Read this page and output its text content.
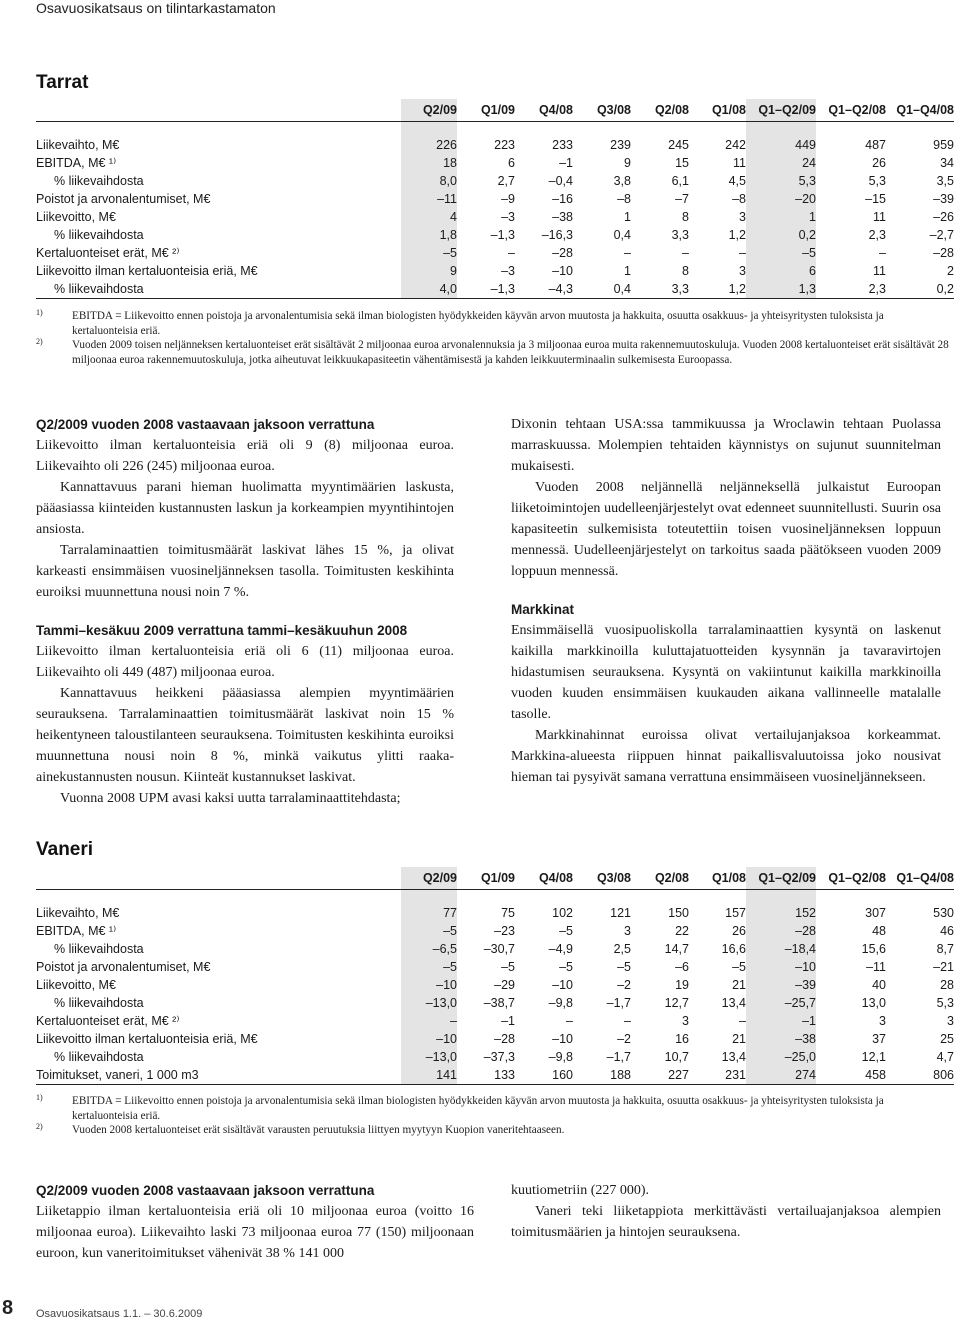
Osavuosikatsaus on tilintarkastamaton
Tarrat
	Q2/09	Q1/09	Q4/08	Q3/08	Q2/08	Q1/08	Q1–Q2/09	Q1–Q2/08	Q1–Q4/08

Liikevaihto, M€	226	223	233	239	245	242	449	487	959
EBITDA, M€ ¹⁾	18	6	–1	9	15	11	24	26	34
% liikevaihdosta	8,0	2,7	–0,4	3,8	6,1	4,5	5,3	5,3	3,5
Poistot ja arvonalentumiset, M€	–11	–9	–16	–8	–7	–8	–20	–15	–39
Liikevoitto, M€	4	–3	–38	1	8	3	1	11	–26
% liikevaihdosta	1,8	–1,3	–16,3	0,4	3,3	1,2	0,2	2,3	–2,7
Kertaluonteiset erät, M€ ²⁾	–5	–	–28	–	–	–	–5	–	–28
Liikevoitto ilman kertaluonteisia eriä, M€	9	–3	–10	1	8	3	6	11	2
% liikevaihdosta	4,0	–1,3	–4,3	0,4	3,3	1,2	1,3	2,3	0,2

1)	EBITDA = Liikevoitto ennen poistoja ja arvonalentumisia sekä ilman biologisten hyödykkeiden käyvän arvon muutosta ja hakkuita, osuutta osakkuus- ja yhteisyritysten tuloksista ja kertaluonteisia eriä.

2)	Vuoden 2009 toisen neljänneksen kertaluonteiset erät sisältävät 2 miljoonaa euroa arvonalennuksia ja 3 miljoonaa euroa muita rakennemuutoskuluja. Vuoden 2008 kertaluonteiset erät sisältävät 28 miljoonaa euroa rakennemuutoskuluja, jotka aiheutuvat leikkuukapasiteetin vähentämisestä ja kahden leikkuuterminaalin sulkemisesta Euroopassa.

Q2/2009 vuoden 2008 vastaavaan jaksoon verrattuna

Liikevoitto ilman kertaluonteisia eriä oli 9 (8) miljoonaa euroa. Liikevaihto oli 226 (245) miljoonaa euroa.

Kannattavuus parani hieman huolimatta myyntimäärien laskusta, pääasiassa kiinteiden kustannusten laskun ja korkeampien myyntihintojen ansiosta.

Tarralaminaattien toimitusmäärät laskivat lähes 15 %, ja olivat karkeasti ensimmäisen vuosineljänneksen tasolla. Toimitusten keskihinta euroiksi muunnettuna nousi noin 7 %.

Tammi–kesäkuu 2009 verrattuna tammi–kesäkuuhun 2008

Liikevoitto ilman kertaluonteisia eriä oli 6 (11) miljoonaa euroa. Liikevaihto oli 449 (487) miljoonaa euroa.

Kannattavuus heikkeni pääasiassa alempien myyntimäärien seurauksena. Tarralaminaattien toimitusmäärät laskivat noin 15 % heikentyneen taloustilanteen seurauksena. Toimitusten keskihinta euroiksi muunnettuna nousi noin 8 %, minkä vaikutus ylitti raaka-ainekustannusten nousun. Kiinteät kustannukset laskivat.

Vuonna 2008 UPM avasi kaksi uutta tarralaminaattitehdasta;

Dixonin tehtaan USA:ssa tammikuussa ja Wroclawin tehtaan Puolassa marraskuussa. Molempien tehtaiden käynnistys on sujunut suunnitelman mukaisesti.

Vuoden 2008 neljännellä neljänneksellä julkaistut Euroopan liiketoimintojen uudelleenjärjestelyt ovat edenneet suunnitellusti. Suurin osa kapasiteetin sulkemisista toteutettiin toisen vuosineljänneksen loppuun mennessä. Uudelleenjärjestelyt on tarkoitus saada päätökseen vuoden 2009 loppuun mennessä.

Markkinat

Ensimmäisellä vuosipuoliskolla tarralaminaattien kysyntä on laskenut kaikilla markkinoilla kuluttajatuotteiden kysynnän ja tavaravirtojen hidastumisen seurauksena. Kysyntä on vakiintunut kaikilla markkinoilla vuoden kuuden ensimmäisen kuukauden aikana vallinneelle matalalle tasolle.

Markkinahinnat euroissa olivat vertailujanjaksoa korkeammat. Markkina-alueesta riippuen hinnat paikallisvaluutoissa joko nousivat hieman tai pysyivät samana verrattuna ensimmäiseen vuosineljännekseen.

Vaneri
	Q2/09	Q1/09	Q4/08	Q3/08	Q2/08	Q1/08	Q1–Q2/09	Q1–Q2/08	Q1–Q4/08

Liikevaihto, M€	77	75	102	121	150	157	152	307	530
EBITDA, M€ ¹⁾	–5	–23	–5	3	22	26	–28	48	46
% liikevaihdosta	–6,5	–30,7	–4,9	2,5	14,7	16,6	–18,4	15,6	8,7
Poistot ja arvonalentumiset, M€	–5	–5	–5	–5	–6	–5	–10	–11	–21
Liikevoitto, M€	–10	–29	–10	–2	19	21	–39	40	28
% liikevaihdosta	–13,0	–38,7	–9,8	–1,7	12,7	13,4	–25,7	13,0	5,3
Kertaluonteiset erät, M€ ²⁾	–	–1	–	–	3	–	–1	3	3
Liikevoitto ilman kertaluonteisia eriä, M€	–10	–28	–10	–2	16	21	–38	37	25
% liikevaihdosta	–13,0	–37,3	–9,8	–1,7	10,7	13,4	–25,0	12,1	4,7
Toimitukset, vaneri, 1 000 m3	141	133	160	188	227	231	274	458	806

1)	EBITDA = Liikevoitto ennen poistoja ja arvonalentumisia sekä ilman biologisten hyödykkeiden käyvän arvon muutosta ja hakkuita, osuutta osakkuus- ja yhteisyritysten tuloksista ja kertaluonteisia eriä.

2)	Vuoden 2008 kertaluonteiset erät sisältävät varausten peruutuksia liittyen myytyyn Kuopion vaneritehtaaseen.

Q2/2009 vuoden 2008 vastaavaan jaksoon verrattuna

Liiketappio ilman kertaluonteisia eriä oli 10 miljoonaa euroa (voitto 16 miljoonaa euroa). Liikevaihto laski 73 miljoonaa euroa 77 (150) miljoonaan euroon, kun vaneritoimitukset vähenivät 38 % 141 000

kuutiometriin (227 000).

Vaneri teki liiketappiota merkittävästi vertailuajanjaksoa alempien toimitusmäärien ja hintojen seurauksena.

8 Osavuosikatsaus 1.1. – 30.6.2009
